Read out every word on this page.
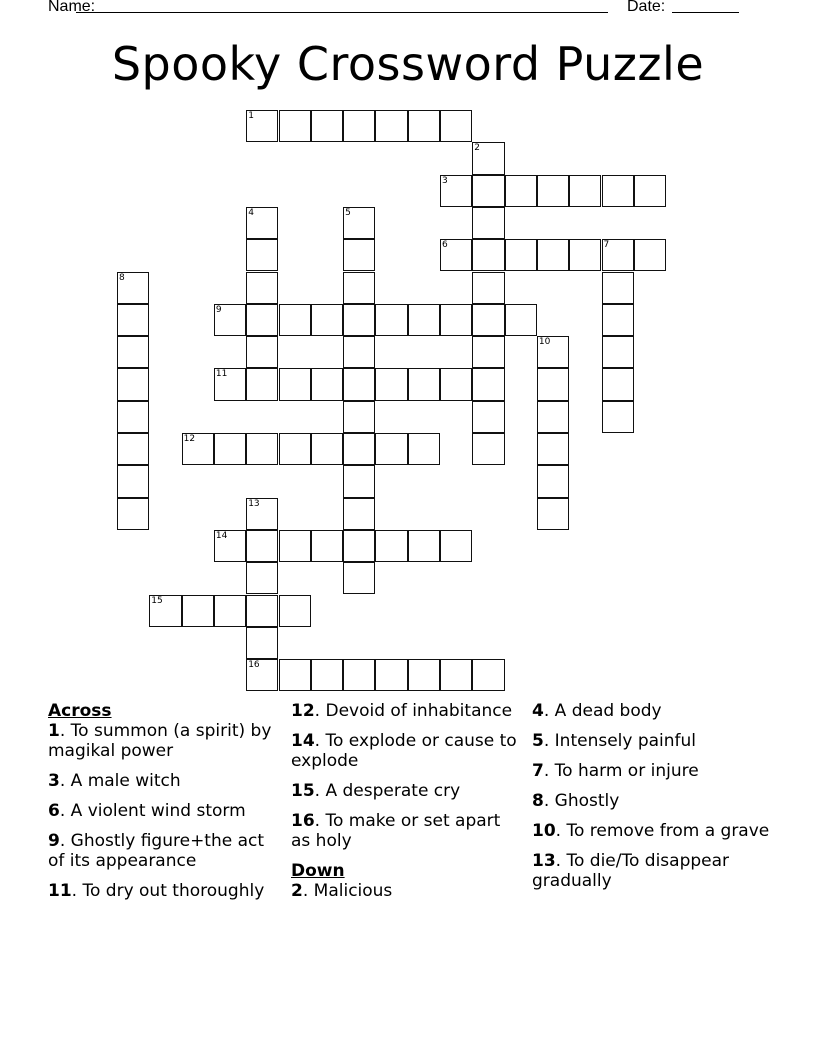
Name:	Date:
Spooky Crossword Puzzle
1
2
3
4	5
6	7
8
9
10
11
12
13
16
14
15
Across
1. To summon (a spirit) by magikal power
3. A male witch
6. A violent wind storm
9. Ghostly figure+the act of its appearance
11. To dry out thoroughly
12. Devoid of inhabitance
14. To explode or cause to explode
15. A desperate cry
16. To make or set apart as holy
Down
2. Malicious
4. A dead body
5. Intensely painful
7. To harm or injure
8. Ghostly
10. To remove from a grave
13. To die/To disappear gradually
